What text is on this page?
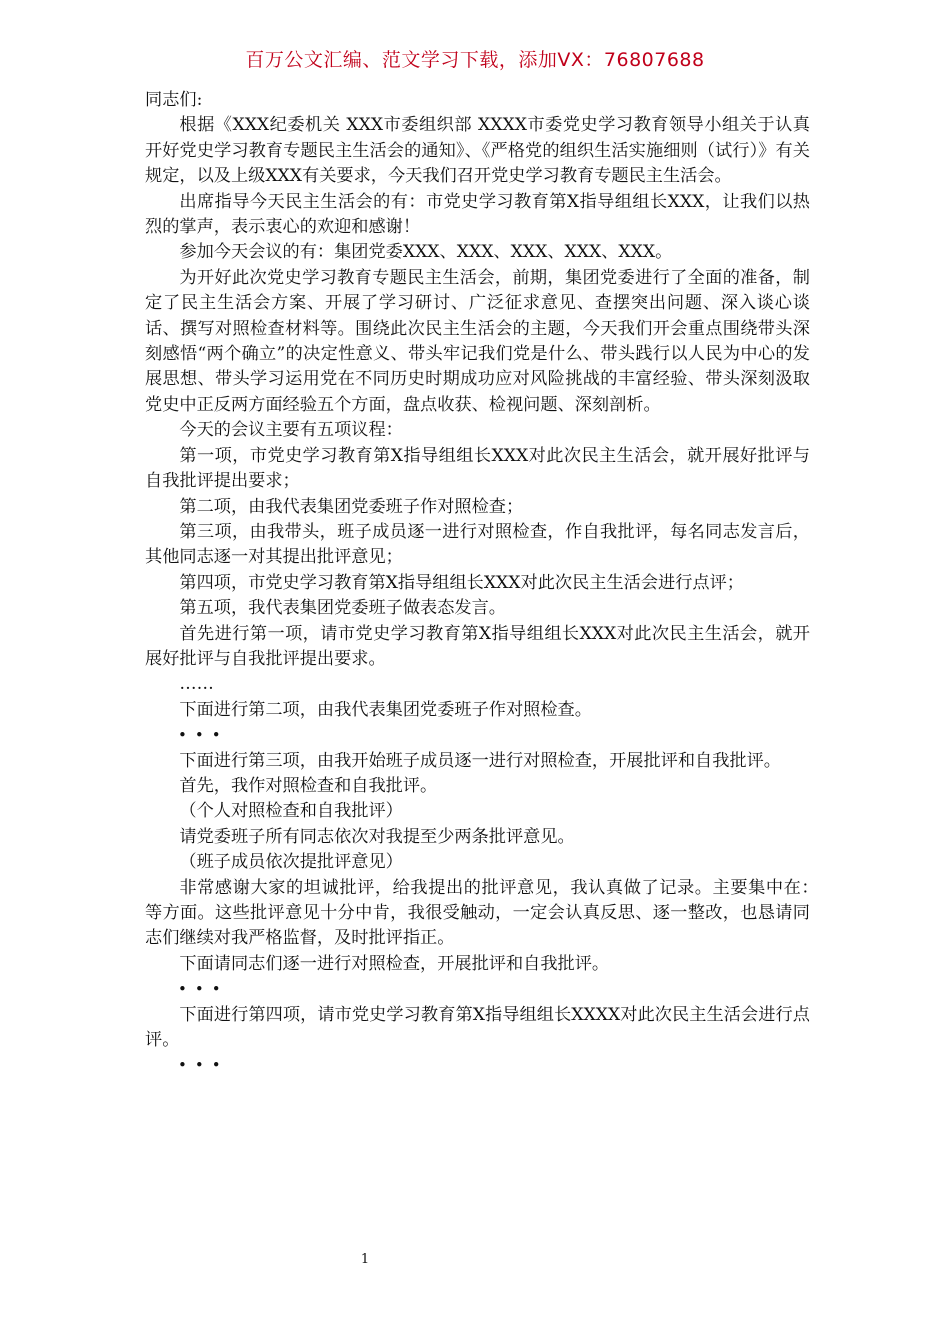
百万公文汇编、范文学习下载，添加VX：76807688

同志们:

根据《XXX纪委机关 XXX市委组织部 XXXX市委党史学习教育领导小组关于认真开好党史学习教育专题民主生活会的通知》、《严格党的组织生活实施细则（试行）》有关规定，以及上级XXX有关要求，今天我们召开党史学习教育专题民主生活会。

出席指导今天民主生活会的有：市党史学习教育第X指导组组长XXX，让我们以热烈的掌声，表示衷心的欢迎和感谢！

参加今天会议的有：集团党委XXX、XXX、XXX、XXX、XXX。

为开好此次党史学习教育专题民主生活会，前期，集团党委进行了全面的准备，制定了民主生活会方案、开展了学习研讨、广泛征求意见、查摆突出问题、深入谈心谈话、撰写对照检查材料等。围绕此次民主生活会的主题，今天我们开会重点围绕带头深刻感悟“两个确立”的决定性意义、带头牢记我们党是什么、带头践行以人民为中心的发展思想、带头学习运用党在不同历史时期成功应对风险挑战的丰富经验、带头深刻汲取党史中正反两方面经验五个方面，盘点收获、检视问题、深刻剖析。

今天的会议主要有五项议程：

第一项，市党史学习教育第X指导组组长XXX对此次民主生活会，就开展好批评与自我批评提出要求；

第二项，由我代表集团党委班子作对照检查；

第三项，由我带头，班子成员逐一进行对照检查，作自我批评，每名同志发言后，其他同志逐一对其提出批评意见；

第四项，市党史学习教育第X指导组组长XXX对此次民主生活会进行点评；

第五项，我代表集团党委班子做表态发言。

首先进行第一项，请市党史学习教育第X指导组组长XXX对此次民主生活会，就开展好批评与自我批评提出要求。

……

下面进行第二项，由我代表集团党委班子作对照检查。

•••

下面进行第三项，由我开始班子成员逐一进行对照检查，开展批评和自我批评。

首先，我作对照检查和自我批评。

（个人对照检查和自我批评）

请党委班子所有同志依次对我提至少两条批评意见。

（班子成员依次提批评意见）

非常感谢大家的坦诚批评，给我提出的批评意见，我认真做了记录。主要集中在：　等方面。这些批评意见十分中肯，我很受触动，一定会认真反思、逐一整改，也恳请同志们继续对我严格监督，及时批评指正。

下面请同志们逐一进行对照检查，开展批评和自我批评。

•••

下面进行第四项，请市党史学习教育第X指导组组长XXXX对此次民主生活会进行点评。

•••

1
